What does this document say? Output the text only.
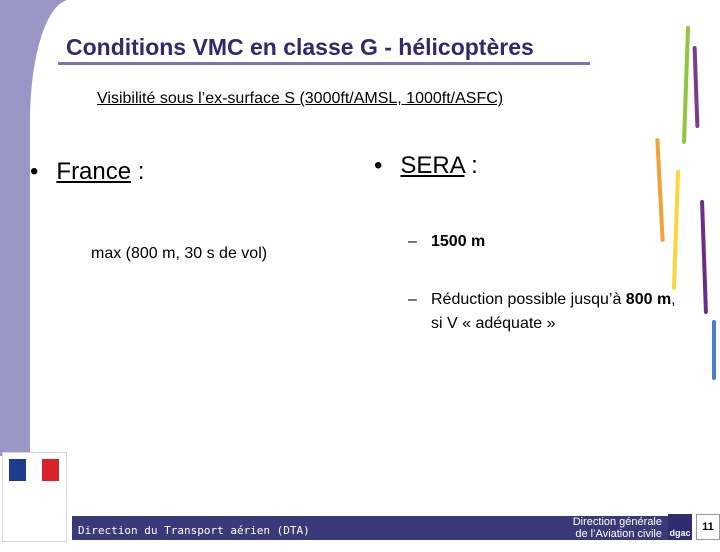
Conditions VMC en classe G - hélicoptères
Visibilité sous l’ex-surface S (3000ft/AMSL, 1000ft/ASFC)
• France :
max (800 m, 30 s de vol)
• SERA :
– 1500 m
– Réduction possible jusqu’à 800 m, si V « adéquate »

Direction du Transport aérien (DTA)
Direction générale
de l’Aviation civile dgac	11
